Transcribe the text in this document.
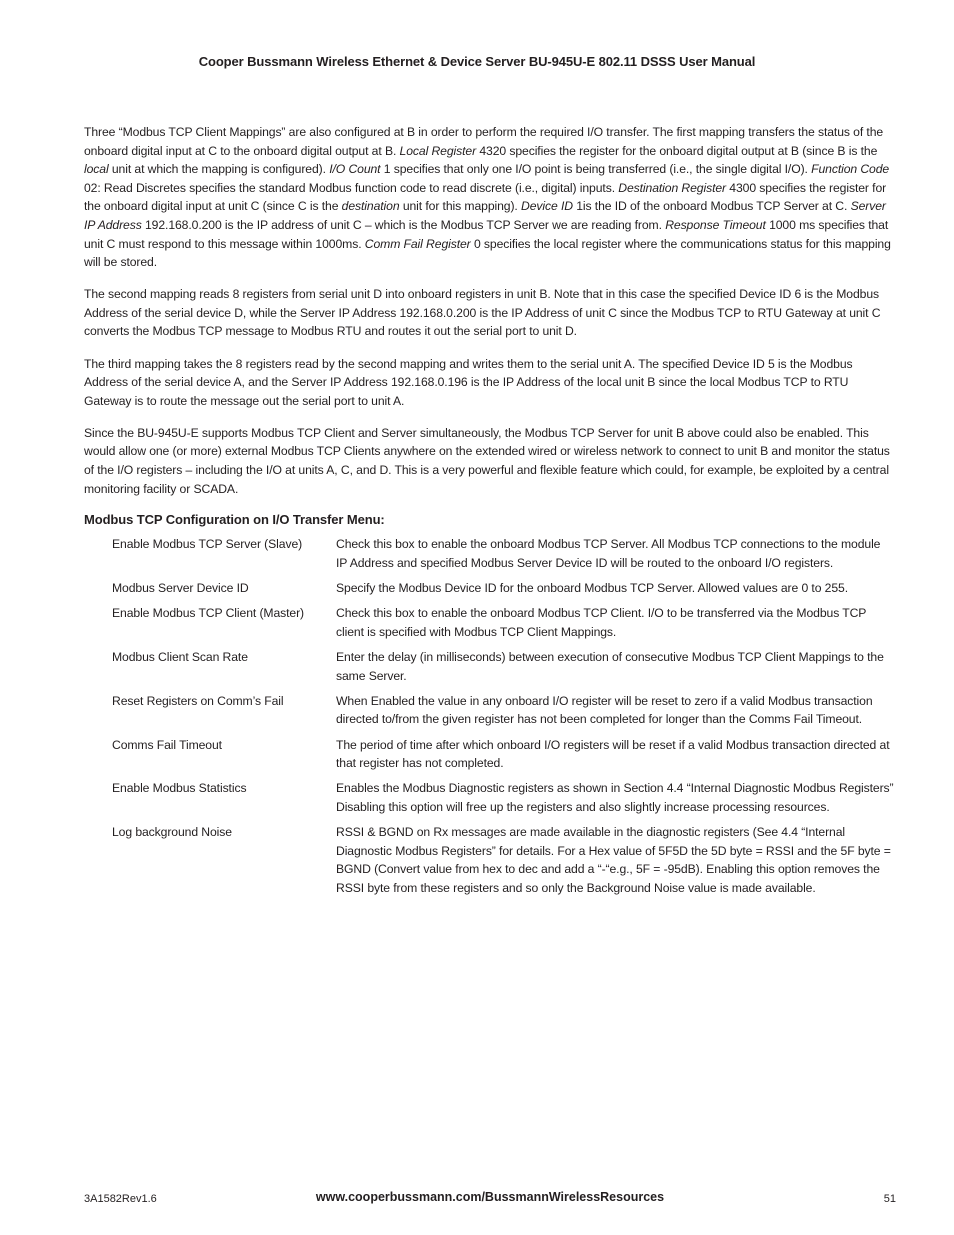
Cooper Bussmann Wireless Ethernet & Device Server BU-945U-E 802.11 DSSS User Manual

Three “Modbus TCP Client Mappings” are also configured at B in order to perform the required I/O transfer. The first mapping transfers the status of the onboard digital input at C to the onboard digital output at B. Local Register 4320 specifies the register for the onboard digital output at B (since B is the local unit at which the mapping is configured). I/O Count 1 specifies that only one I/O point is being transferred (i.e., the single digital I/O). Function Code 02: Read Discretes specifies the standard Modbus function code to read discrete (i.e., digital) inputs. Destination Register 4300 specifies the register for the onboard digital input at unit C (since C is the destination unit for this mapping). Device ID 1is the ID of the onboard Modbus TCP Server at C. Server IP Address 192.168.0.200 is the IP address of unit C – which is the Modbus TCP Server we are reading from. Response Timeout 1000 ms specifies that unit C must respond to this message within 1000ms. Comm Fail Register 0 specifies the local register where the communications status for this mapping will be stored.

The second mapping reads 8 registers from serial unit D into onboard registers in unit B. Note that in this case the specified Device ID 6 is the Modbus Address of the serial device D, while the Server IP Address 192.168.0.200 is the IP Address of unit C since the Modbus TCP to RTU Gateway at unit C converts the Modbus TCP message to Modbus RTU and routes it out the serial port to unit D.

The third mapping takes the 8 registers read by the second mapping and writes them to the serial unit A. The specified Device ID 5 is the Modbus Address of the serial device A, and the Server IP Address 192.168.0.196 is the IP Address of the local unit B since the local Modbus TCP to RTU Gateway is to route the message out the serial port to unit A.

Since the BU-945U-E supports Modbus TCP Client and Server simultaneously, the Modbus TCP Server for unit B above could also be enabled. This would allow one (or more) external Modbus TCP Clients anywhere on the extended wired or wireless network to connect to unit B and monitor the status of the I/O registers – including the I/O at units A, C, and D. This is a very powerful and flexible feature which could, for example, be exploited by a central monitoring facility or SCADA.

Modbus TCP Configuration on I/O Transfer Menu:
Enable Modbus TCP Server (Slave)	Check this box to enable the onboard Modbus TCP Server. All Modbus TCP connections to the module IP Address and specified Modbus Server Device ID will be routed to the onboard I/O registers.
Modbus Server Device ID	Specify the Modbus Device ID for the onboard Modbus TCP Server. Allowed values are 0 to 255.
Enable Modbus TCP Client (Master)	Check this box to enable the onboard Modbus TCP Client. I/O to be transferred via the Modbus TCP client is specified with Modbus TCP Client Mappings.
Modbus Client Scan Rate	Enter the delay (in milliseconds) between execution of consecutive Modbus TCP Client Mappings to the same Server.
Reset Registers on Comm’s Fail	When Enabled the value in any onboard I/O register will be reset to zero if a valid Modbus transaction directed to/from the given register has not been completed for longer than the Comms Fail Timeout.
Comms Fail Timeout	The period of time after which onboard I/O registers will be reset if a valid Modbus transaction directed at that register has not completed.
Enable Modbus Statistics	Enables the Modbus Diagnostic registers as shown in Section 4.4 “Internal Diagnostic Modbus Registers” Disabling this option will free up the registers and also slightly increase processing resources.
Log background Noise	RSSI & BGND on Rx messages are made available in the diagnostic registers (See 4.4 “Internal Diagnostic Modbus Registers” for details. For a Hex value of 5F5D the 5D byte = RSSI and the 5F byte = BGND (Convert value from hex to dec and add a “-“e.g., 5F = -95dB). Enabling this option removes the RSSI byte from these registers and so only the Background Noise value is made available.
3A1582Rev1.6	www.cooperbussmann.com/BussmannWirelessResources	51
